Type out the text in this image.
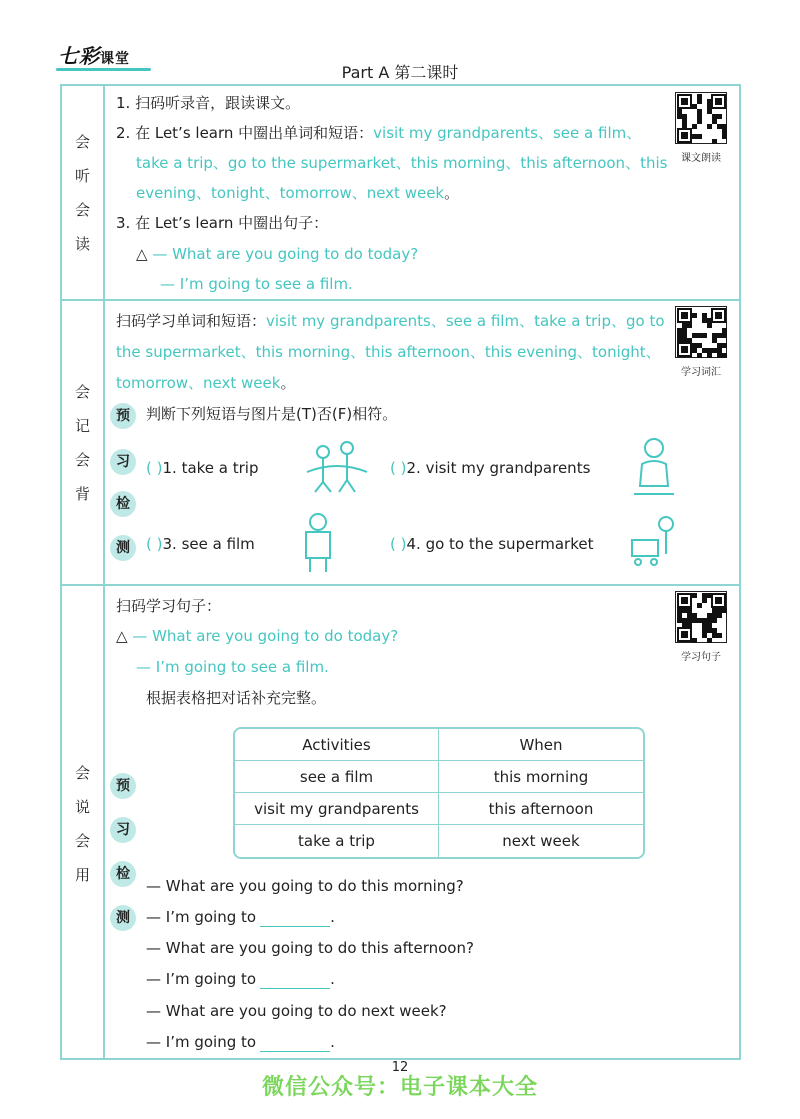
七彩课堂
Part A 第二课时
会
听
会
读
1. 扫码听录音，跟读课文。
2. 在 Let’s learn 中圈出单词和短语：visit my grandparents、see a film、
take a trip、go to the supermarket、this morning、this afternoon、this
evening、tonight、tomorrow、next week。
3. 在 Let’s learn 中圈出句子：
△ — What are you going to do today?
— I’m going to see a film.
课文朗读
会
记
会
背
扫码学习单词和短语：visit my grandparents、see a film、take a trip、go to
the supermarket、this morning、this afternoon、this evening、tonight、
tomorrow、next week。
学习词汇
预
习
检
测
判断下列短语与图片是(T)否(F)相符。
( )1. take a trip	( )2. visit my grandparents
( )3. see a film	( )4. go to the supermarket
会
说
会
用
扫码学习句子：
△ — What are you going to do today?
— I’m going to see a film.
根据表格把对话补充完整。
学习句子
Activities	When
see a film	this morning
visit my grandparents	this afternoon
take a trip	next week
预
习
检
测
— What are you going to do this morning?
— I’m going to	.
— What are you going to do this afternoon?
— I’m going to	.
— What are you going to do next week?
— I’m going to	.
12
微信公众号：电子课本大全
